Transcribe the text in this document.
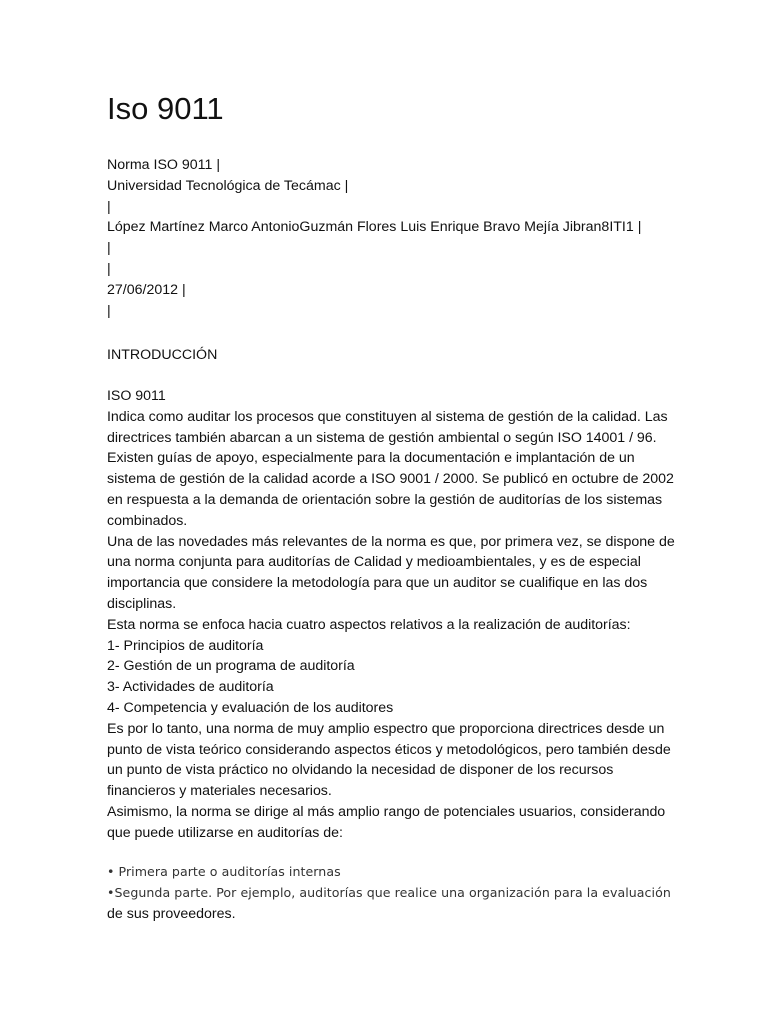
Iso 9011
Norma ISO 9011 |
Universidad Tecnológica de Tecámac |
|
López Martínez Marco AntonioGuzmán Flores Luis Enrique Bravo Mejía Jibran8ITI1 |
|
|
27/06/2012 |
|
INTRODUCCIÓN
ISO 9011
Indica como auditar los procesos que constituyen al sistema de gestión de la calidad. Las
directrices también abarcan a un sistema de gestión ambiental o según ISO 14001 / 96.
Existen guías de apoyo, especialmente para la documentación e implantación de un
sistema de gestión de la calidad acorde a ISO 9001 / 2000. Se publicó en octubre de 2002
en respuesta a la demanda de orientación sobre la gestión de auditorías de los sistemas
combinados.
Una de las novedades más relevantes de la norma es que, por primera vez, se dispone de
una norma conjunta para auditorías de Calidad y medioambientales, y es de especial
importancia que considere la metodología para que un auditor se cualifique en las dos
disciplinas.
Esta norma se enfoca hacia cuatro aspectos relativos a la realización de auditorías:
1- Principios de auditoría
2- Gestión de un programa de auditoría
3- Actividades de auditoría
4- Competencia y evaluación de los auditores
Es por lo tanto, una norma de muy amplio espectro que proporciona directrices desde un
punto de vista teórico considerando aspectos éticos y metodológicos, pero también desde
un punto de vista práctico no olvidando la necesidad de disponer de los recursos
financieros y materiales necesarios.
Asimismo, la norma se dirige al más amplio rango de potenciales usuarios, considerando
que puede utilizarse en auditorías de:
• Primera parte o auditorías internas
•Segunda parte. Por ejemplo, auditorías que realice una organización para la evaluación
de sus proveedores.
